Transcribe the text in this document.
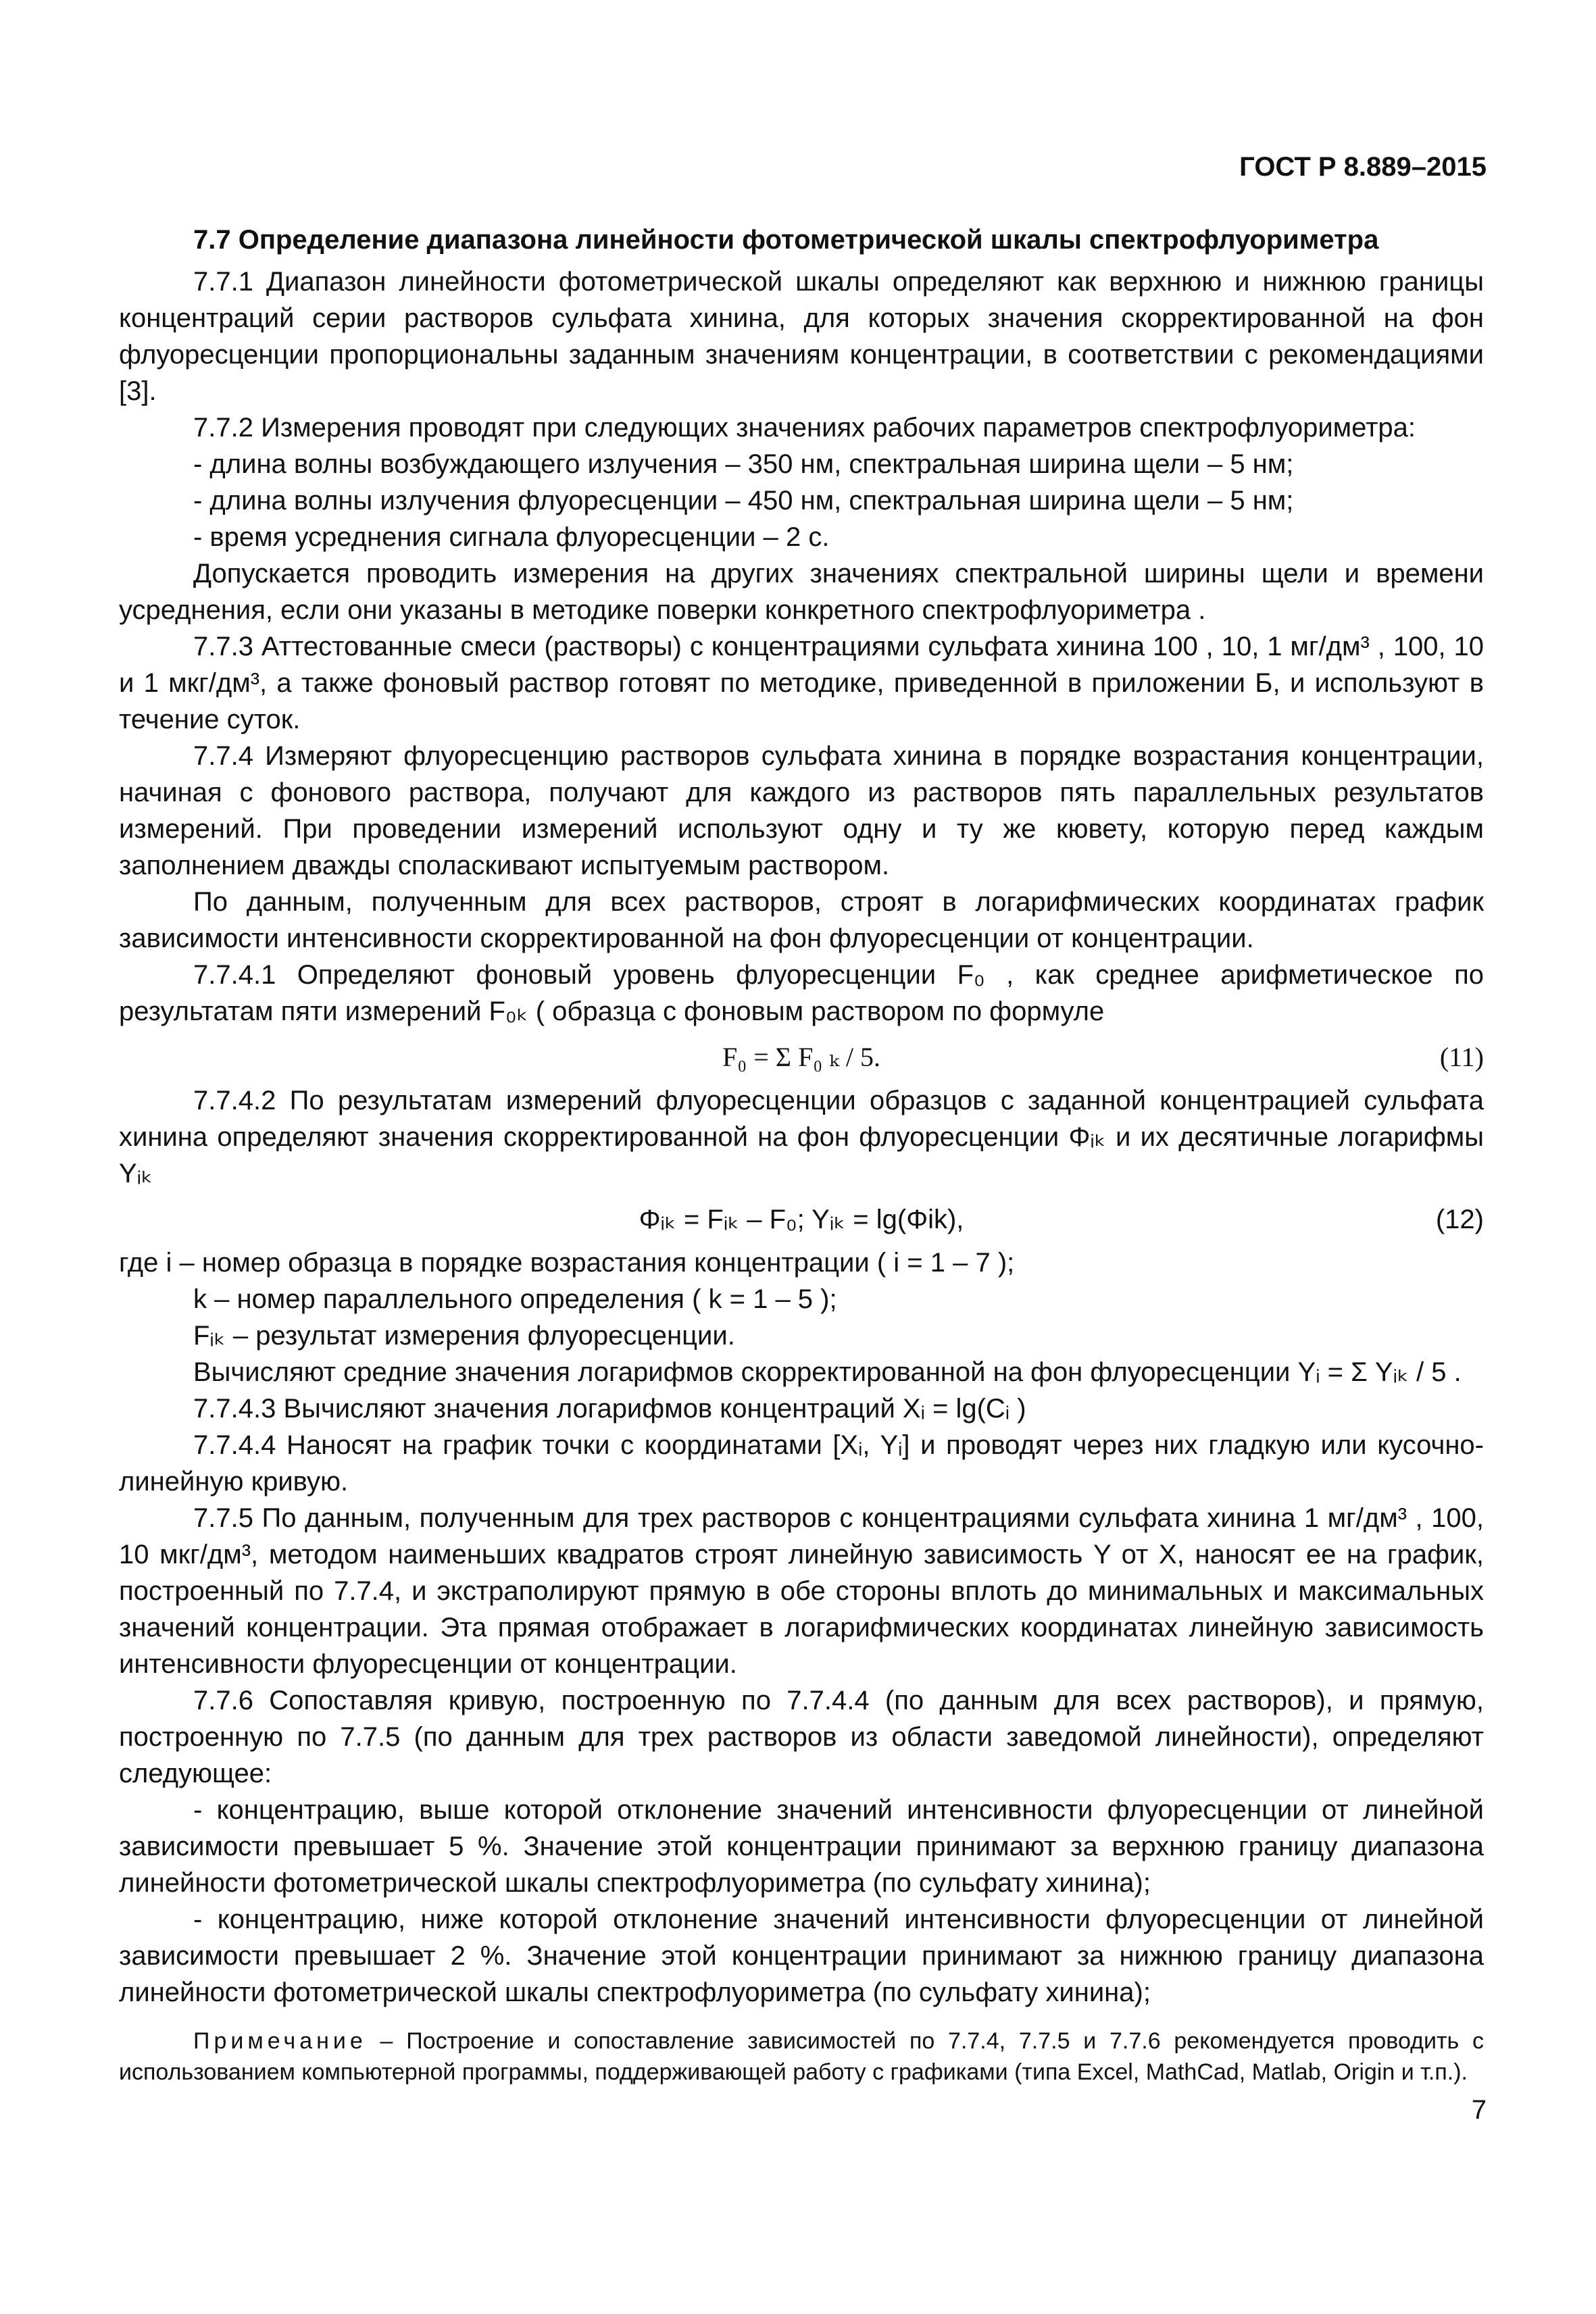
ГОСТ Р 8.889–2015
7.7 Определение диапазона линейности фотометрической шкалы спектрофлуориметра

7.7.1 Диапазон линейности фотометрической шкалы определяют как верхнюю и нижнюю границы концентраций серии растворов сульфата хинина, для которых значения скорректированной на фон флуоресценции пропорциональны заданным значениям концентрации, в соответствии с рекомендациями [3].

7.7.2 Измерения проводят при следующих значениях рабочих параметров спектрофлуориметра:

- длина волны возбуждающего излучения – 350 нм, спектральная ширина щели – 5 нм;

- длина волны излучения флуоресценции – 450 нм, спектральная ширина щели – 5 нм;

- время усреднения сигнала флуоресценции – 2 с.

Допускается проводить измерения на других значениях спектральной ширины щели и времени усреднения, если они указаны в методике поверки конкретного спектрофлуориметра .

7.7.3 Аттестованные смеси (растворы) с концентрациями сульфата хинина 100 , 10, 1 мг/дм³ , 100, 10 и 1 мкг/дм³, а также фоновый раствор готовят по методике, приведенной в приложении Б, и используют в течение суток.

7.7.4 Измеряют флуоресценцию растворов сульфата хинина в порядке возрастания концентрации, начиная с фонового раствора, получают для каждого из растворов пять параллельных результатов измерений. При проведении измерений используют одну и ту же кювету, которую перед каждым заполнением дважды споласкивают испытуемым раствором.

По данным, полученным для всех растворов, строят в логарифмических координатах график зависимости интенсивности скорректированной на фон флуоресценции от концентрации.

7.7.4.1 Определяют фоновый уровень флуоресценции F₀ , как среднее арифметическое по результатам пяти измерений F₀ₖ ( образца с фоновым раствором по формуле

F₀ = Σ F₀ ₖ / 5.	(11)

7.7.4.2 По результатам измерений флуоресценции образцов с заданной концентрацией сульфата хинина определяют значения скорректированной на фон флуоресценции Φᵢₖ и их десятичные логарифмы Yᵢₖ

Φᵢₖ = Fᵢₖ – F₀; Yᵢₖ = lg(Φik),	(12)

где i – номер образца в порядке возрастания концентрации ( i = 1 – 7 );

k – номер параллельного определения ( k = 1 – 5 );

Fᵢₖ – результат измерения флуоресценции.

Вычисляют средние значения логарифмов скорректированной на фон флуоресценции Yᵢ = Σ Yᵢₖ / 5 .

7.7.4.3 Вычисляют значения логарифмов концентраций Xᵢ = lg(Cᵢ )

7.7.4.4 Наносят на график точки с координатами [Xᵢ, Yᵢ] и проводят через них гладкую или кусочно-линейную кривую.

7.7.5 По данным, полученным для трех растворов с концентрациями сульфата хинина 1 мг/дм³ , 100, 10 мкг/дм³, методом наименьших квадратов строят линейную зависимость Y от X, наносят ее на график, построенный по 7.7.4, и экстраполируют прямую в обе стороны вплоть до минимальных и максимальных значений концентрации. Эта прямая отображает в логарифмических координатах линейную зависимость интенсивности флуоресценции от концентрации.

7.7.6 Сопоставляя кривую, построенную по 7.7.4.4 (по данным для всех растворов), и прямую, построенную по 7.7.5 (по данным для трех растворов из области заведомой линейности), определяют следующее:

- концентрацию, выше которой отклонение значений интенсивности флуоресценции от линейной зависимости превышает 5 %. Значение этой концентрации принимают за верхнюю границу диапазона линейности фотометрической шкалы спектрофлуориметра (по сульфату хинина);

- концентрацию, ниже которой отклонение значений интенсивности флуоресценции от линейной зависимости превышает 2 %. Значение этой концентрации принимают за нижнюю границу диапазона линейности фотометрической шкалы спектрофлуориметра (по сульфату хинина);

Примечание – Построение и сопоставление зависимостей по 7.7.4, 7.7.5 и 7.7.6 рекомендуется проводить с использованием компьютерной программы, поддерживающей работу с графиками (типа Excel, MathCad, Matlab, Origin и т.п.).

7
